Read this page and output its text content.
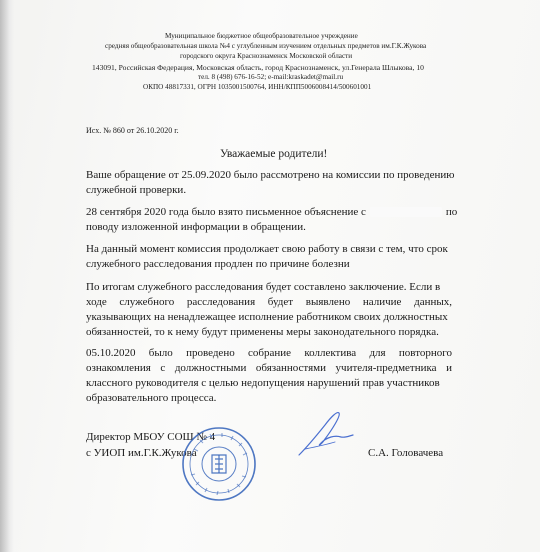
Муниципальное бюджетное общеобразовательное учреждение
средняя общеобразовательная школа №4 с углубленным изучением отдельных предметов им.Г.К.Жукова
городского округа Краснознаменск Московской области
143091, Российская Федерация, Московская область, город Краснознаменск, ул.Генерала Шлыкова, 10
тел. 8 (498) 676-16-52; e-mail:kraskadet@mail.ru
ОКПО 48817331, ОГРН 1035001500764, ИНН/КПП5006008414/500601001
Исх. № 860 от 26.10.2020 г.
Уважаемые родители!
Ваше обращение от 25.09.2020 было рассмотрено на комиссии по проведению
служебной проверки.
28 сентября 2020 года было взято письменное объяснение с	по
поводу изложенной информации в обращении.
На данный момент комиссия продолжает свою работу в связи с тем, что срок
служебного расследования продлен по причине болезни
По итогам служебного расследования будет составлено заключение. Если в
ходе служебного расследования будет выявлено наличие данных,
указывающих на ненадлежащее исполнение работником своих должностных
обязанностей, то к нему будут применены меры законодательного порядка.
05.10.2020 было проведено собрание коллектива для повторного
ознакомления с должностными обязанностями учителя-предметника и
классного руководителя с целью недопущения нарушений прав участников
образовательного процесса.
Директор МБОУ СОШ № 4
с УИОП им.Г.К.Жукова	С.А. Головачева
